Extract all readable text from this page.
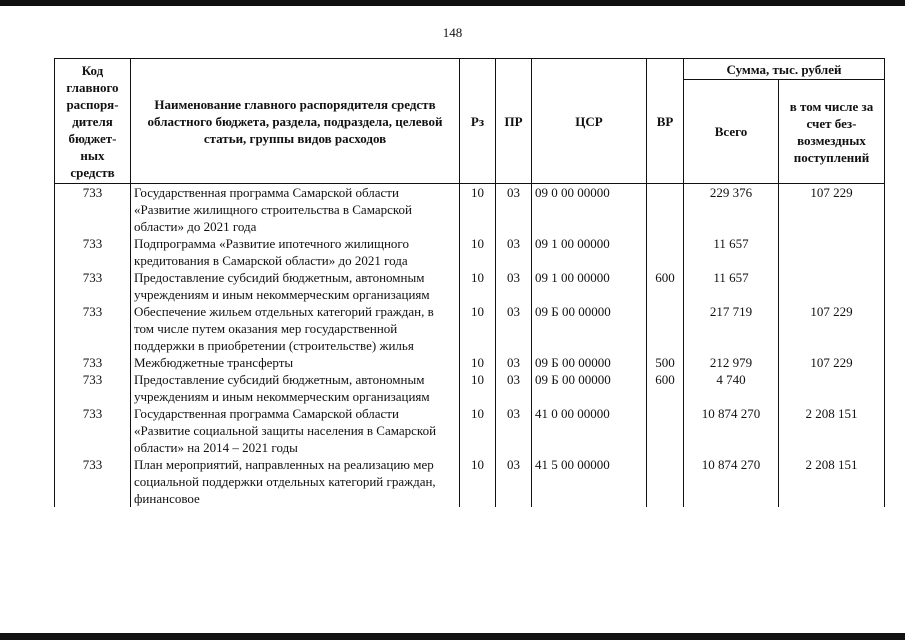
148
Код главного распоря-дителя бюджет-ных средств	Наименование главного распорядителя средств областного бюджета, раздела, подраздела, целевой статьи, группы видов расходов	Рз	ПР	ЦСР	ВР	Сумма, тыс. рублей	
						Всего	в том числе за счет без-возмездных поступлений
733	Государственная программа Самарской области «Развитие жилищного строительства в Самарской области» до 2021 года	10	03	09 0 00 00000		229 376	107 229
733	Подпрограмма «Развитие ипотечного жилищного кредитования в Самарской области» до 2021 года	10	03	09 1 00 00000		11 657	
733	Предоставление субсидий бюджетным, автономным учреждениям и иным некоммерческим организациям	10	03	09 1 00 00000	600	11 657	
733	Обеспечение жильем отдельных категорий граждан, в том числе путем оказания мер государственной поддержки в приобретении (строительстве) жилья	10	03	09 Б 00 00000		217 719	107 229
733	Межбюджетные трансферты	10	03	09 Б 00 00000	500	212 979	107 229
733	Предоставление субсидий бюджетным, автономным учреждениям и иным некоммерческим организациям	10	03	09 Б 00 00000	600	4 740	
733	Государственная программа Самарской области «Развитие социальной защиты населения в Самарской области» на 2014 – 2021 годы	10	03	41 0 00 00000		10 874 270	2 208 151
733	План мероприятий, направленных на реализацию мер социальной поддержки отдельных категорий граждан, финансовое	10	03	41 5 00 00000		10 874 270	2 208 151
